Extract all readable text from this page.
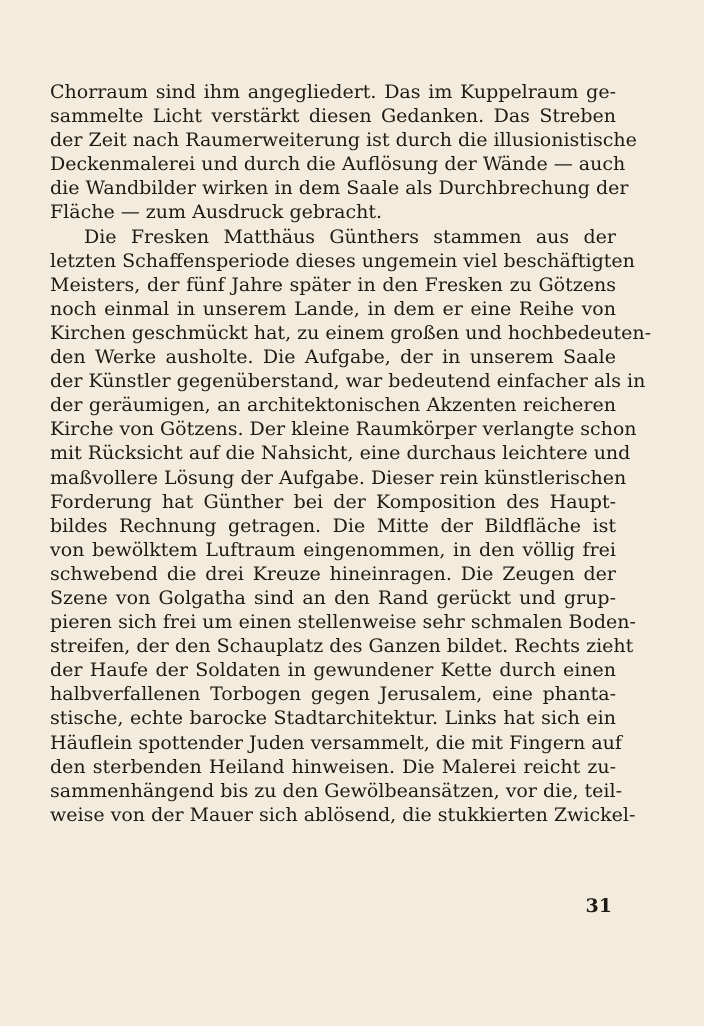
Chorraum sind ihm angegliedert. Das im Kuppelraum ge-
sammelte Licht verstärkt diesen Gedanken. Das Streben
der Zeit nach Raumerweiterung ist durch die illusionistische
Deckenmalerei und durch die Auflösung der Wände — auch
die Wandbilder wirken in dem Saale als Durchbrechung der
Fläche — zum Ausdruck gebracht.
Die Fresken Matthäus Günthers stammen aus der
letzten Schaffensperiode dieses ungemein viel beschäftigten
Meisters, der fünf Jahre später in den Fresken zu Götzens
noch einmal in unserem Lande, in dem er eine Reihe von
Kirchen geschmückt hat, zu einem großen und hochbedeuten-
den Werke ausholte. Die Aufgabe, der in unserem Saale
der Künstler gegenüberstand, war bedeutend einfacher als in
der geräumigen, an architektonischen Akzenten reicheren
Kirche von Götzens. Der kleine Raumkörper verlangte schon
mit Rücksicht auf die Nahsicht, eine durchaus leichtere und
maßvollere Lösung der Aufgabe. Dieser rein künstlerischen
Forderung hat Günther bei der Komposition des Haupt-
bildes Rechnung getragen. Die Mitte der Bildfläche ist
von bewölktem Luftraum eingenommen, in den völlig frei
schwebend die drei Kreuze hineinragen. Die Zeugen der
Szene von Golgatha sind an den Rand gerückt und grup-
pieren sich frei um einen stellenweise sehr schmalen Boden-
streifen, der den Schauplatz des Ganzen bildet. Rechts zieht
der Haufe der Soldaten in gewundener Kette durch einen
halbverfallenen Torbogen gegen Jerusalem, eine phanta-
stische, echte barocke Stadtarchitektur. Links hat sich ein
Häuflein spottender Juden versammelt, die mit Fingern auf
den sterbenden Heiland hinweisen. Die Malerei reicht zu-
sammenhängend bis zu den Gewölbeansätzen, vor die, teil-
weise von der Mauer sich ablösend, die stukkierten Zwickel-
31
